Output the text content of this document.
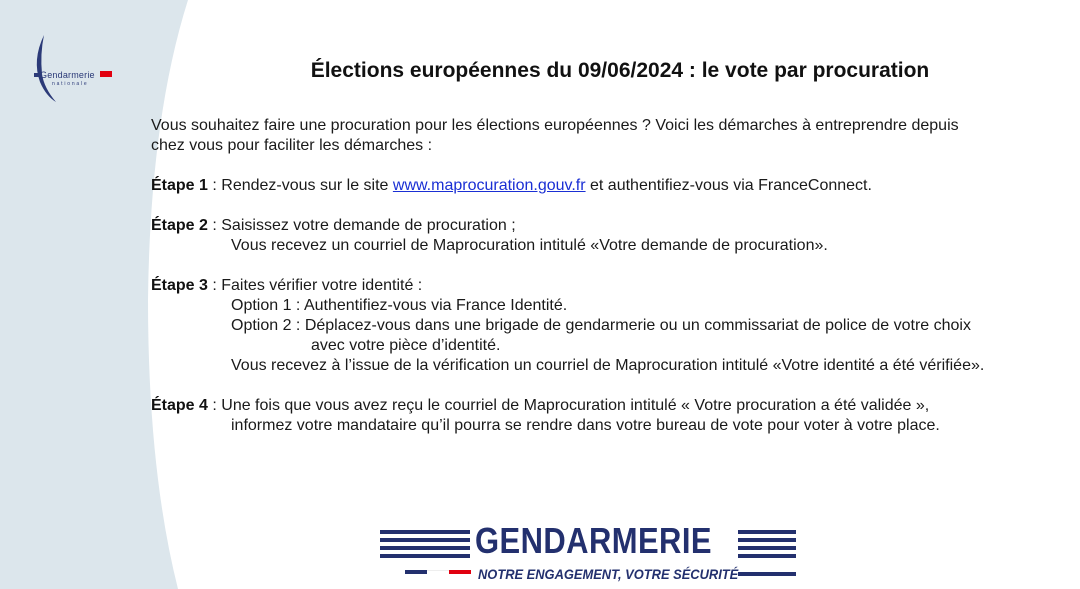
Gendarmerie
nationale
Élections européennes du 09/06/2024 : le vote par procuration

Vous souhaitez faire une procuration pour les élections européennes ? Voici les démarches à entreprendre depuis

chez vous pour faciliter les démarches :

Étape 1 : Rendez-vous sur le site www.maprocuration.gouv.fr et authentifiez-vous via FranceConnect.

Étape 2 : Saisissez votre demande de procuration ;

Vous recevez un courriel de Maprocuration intitulé «Votre demande de procuration».

Étape 3 : Faites vérifier votre identité :

Option 1 : Authentifiez-vous via France Identité.

Option 2 : Déplacez-vous dans une brigade de gendarmerie ou un commissariat de police de votre choix

avec votre pièce d’identité.

Vous recevez à l’issue de la vérification un courriel de Maprocuration intitulé «Votre identité a été vérifiée».

Étape 4 : Une fois que vous avez reçu le courriel de Maprocuration intitulé « Votre procuration a été validée »,

informez votre mandataire qu’il pourra se rendre dans votre bureau de vote pour voter à votre place.

GENDARMERIE
NOTRE ENGAGEMENT, VOTRE SÉCURITÉ
